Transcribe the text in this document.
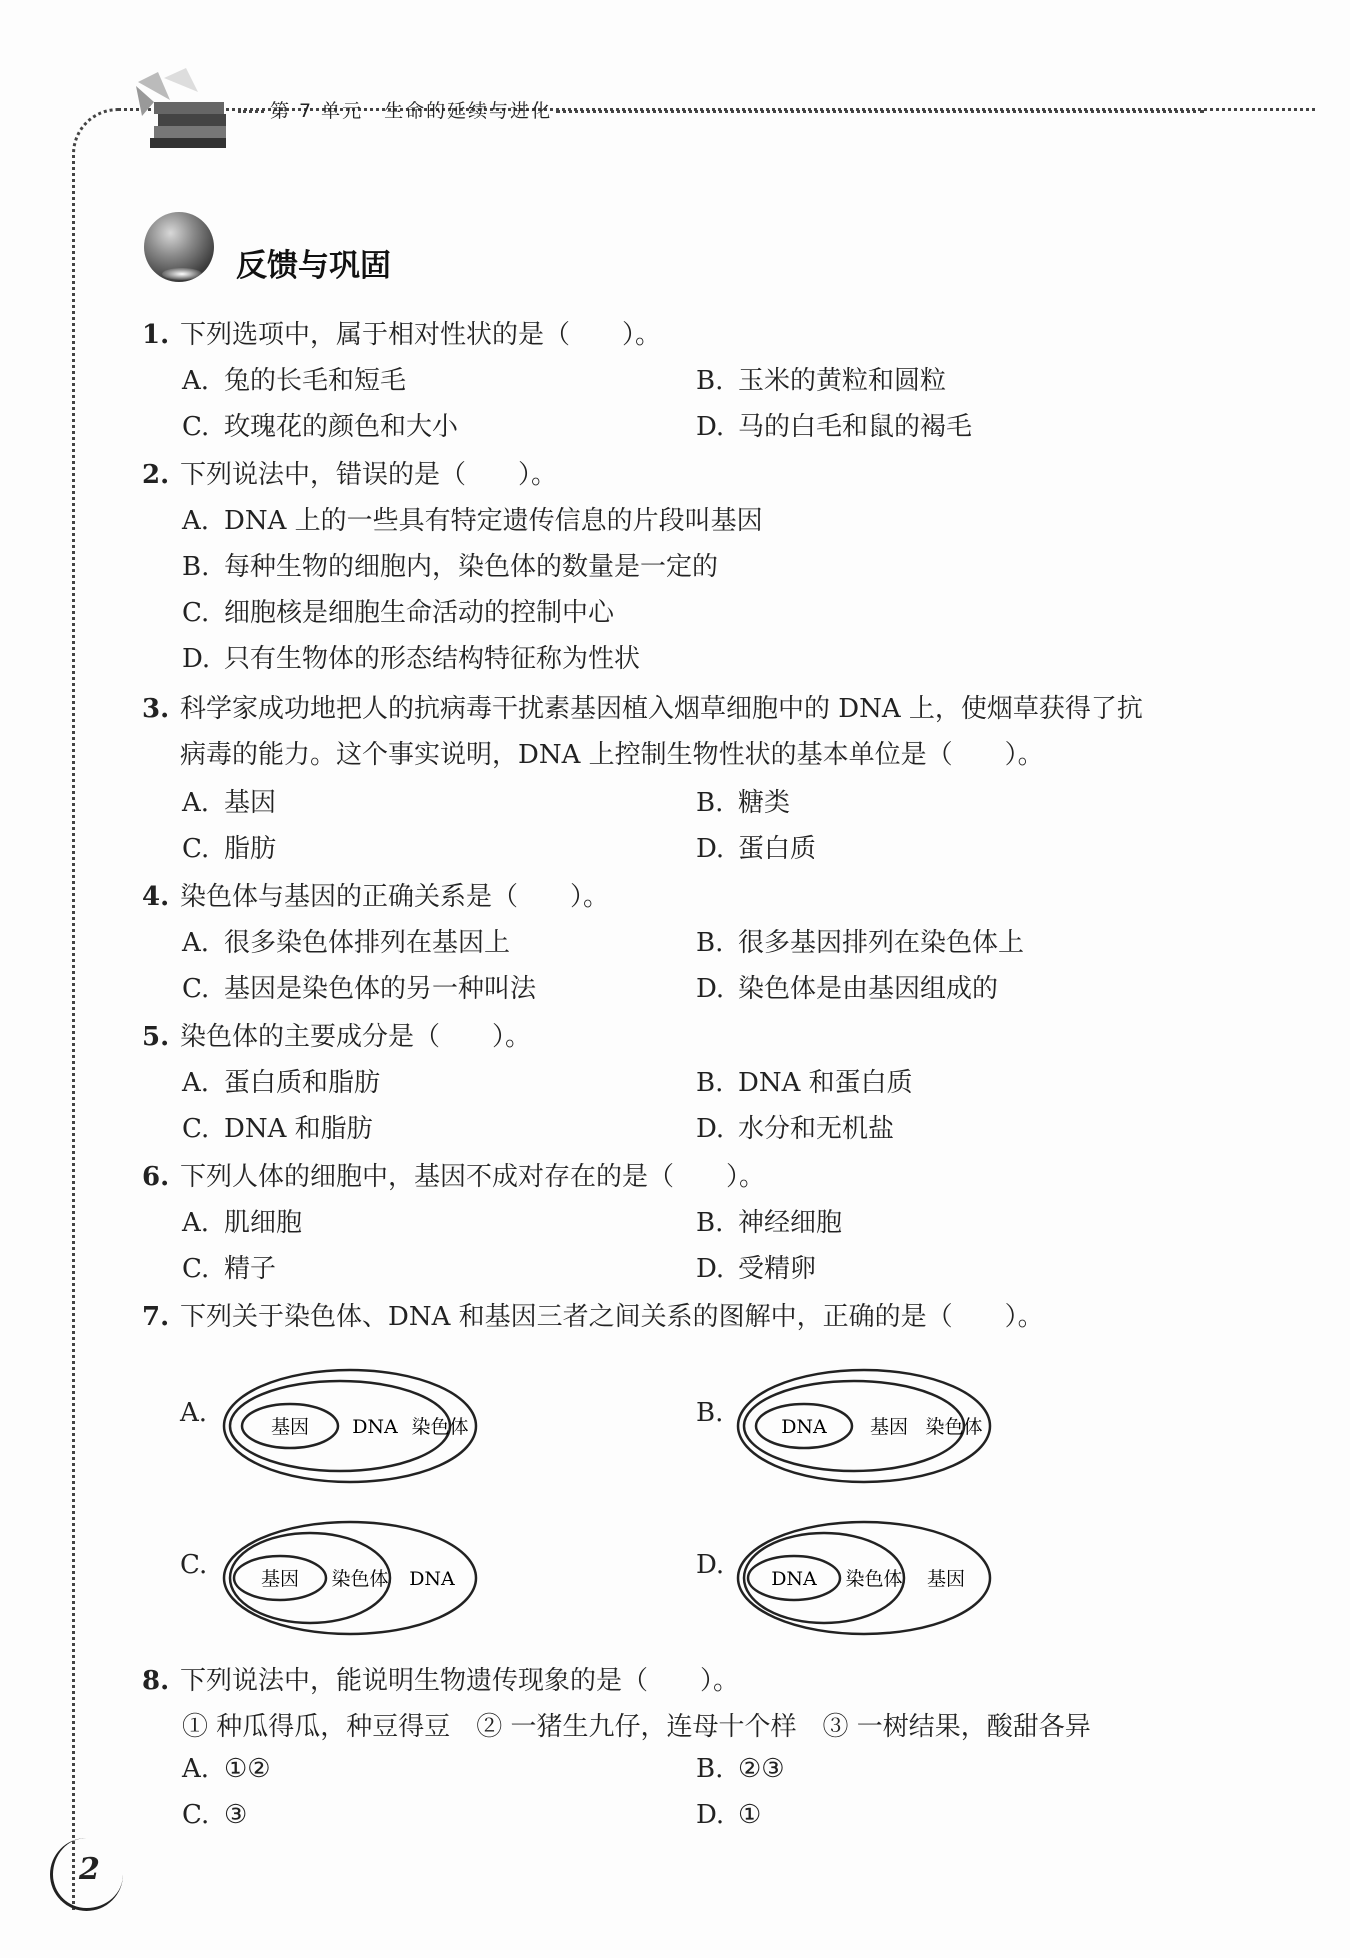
第 7 单元　生命的延续与进化
反馈与巩固
1. 下列选项中，属于相对性状的是（　　）。
A. 兔的长毛和短毛	B. 玉米的黄粒和圆粒
C. 玫瑰花的颜色和大小	D. 马的白毛和鼠的褐毛
2. 下列说法中，错误的是（　　）。
A. DNA 上的一些具有特定遗传信息的片段叫基因
B. 每种生物的细胞内，染色体的数量是一定的
C. 细胞核是细胞生命活动的控制中心
D. 只有生物体的形态结构特征称为性状
3. 科学家成功地把人的抗病毒干扰素基因植入烟草细胞中的 DNA 上，使烟草获得了抗
病毒的能力。这个事实说明，DNA 上控制生物性状的基本单位是（　　）。
A. 基因	B. 糖类
C. 脂肪	D. 蛋白质
4. 染色体与基因的正确关系是（　　）。
A. 很多染色体排列在基因上	B. 很多基因排列在染色体上
C. 基因是染色体的另一种叫法	D. 染色体是由基因组成的
5. 染色体的主要成分是（　　）。
A. 蛋白质和脂肪	B. DNA 和蛋白质
C. DNA 和脂肪	D. 水分和无机盐
6. 下列人体的细胞中，基因不成对存在的是（　　）。
A. 肌细胞	B. 神经细胞
C. 精子	D. 受精卵
7. 下列关于染色体、DNA 和基因三者之间关系的图解中，正确的是（　　）。
A.	基因 DNA 染色体	B.	DNA 基因 染色体
C.	基因 染色体 DNA	D. DNA 染色体 基因
8. 下列说法中，能说明生物遗传现象的是（　　）。
① 种瓜得瓜，种豆得豆　② 一猪生九仔，连母十个样　③ 一树结果，酸甜各异
A. ①②	B. ②③
C. ③	D. ①
2
